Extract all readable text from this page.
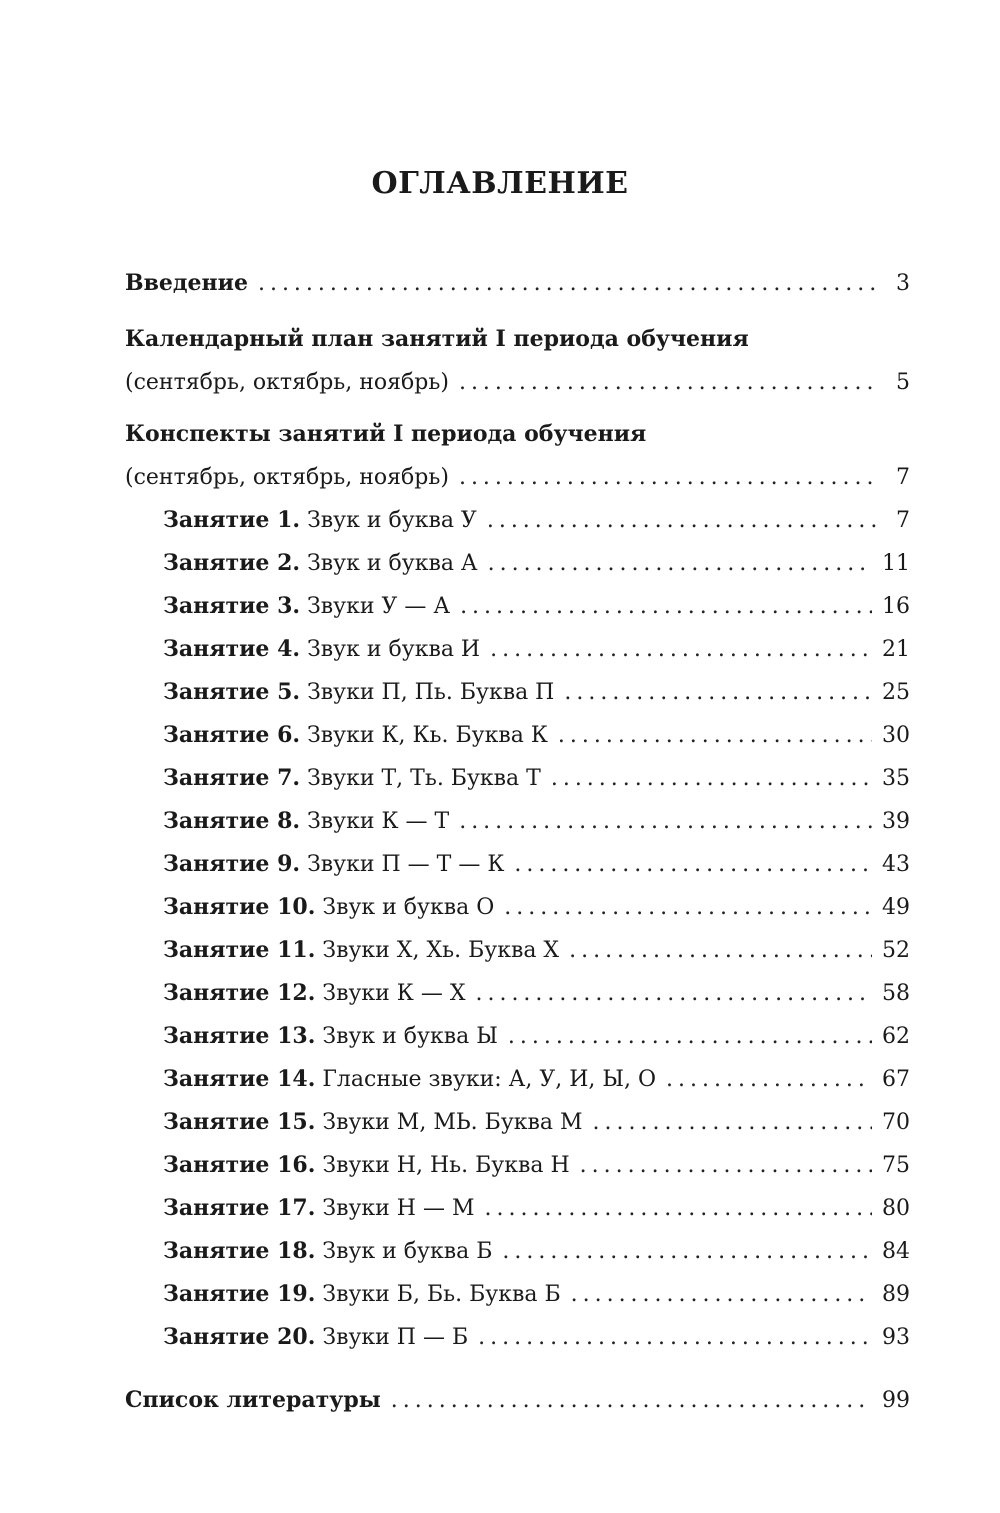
ОГЛАВЛЕНИЕ
Введение . . .	3
Календарный план занятий I периода обучения
(сентябрь, октябрь, ноябрь) . . .	5
Конспекты занятий I периода обучения
(сентябрь, октябрь, ноябрь) . . .	7
Занятие 1. Звук и буква У . . .	7
Занятие 2. Звук и буква А . . .	11
Занятие 3. Звуки У — А . . .	16
Занятие 4. Звук и буква И . . .	21
Занятие 5. Звуки П, Пь. Буква П . . .	25
Занятие 6. Звуки К, Кь. Буква К . . .	30
Занятие 7. Звуки Т, Ть. Буква Т . . .	35
Занятие 8. Звуки К — Т . . .	39
Занятие 9. Звуки П — Т — К . . .	43
Занятие 10. Звук и буква О . . .	49
Занятие 11. Звуки X, Хь. Буква X . . .	52
Занятие 12. Звуки К — Х . . .	58
Занятие 13. Звук и буква Ы . . .	62
Занятие 14. Гласные звуки: А, У, И, Ы, О . . .	67
Занятие 15. Звуки М, МЬ. Буква М . . .	70
Занятие 16. Звуки Н, Нь. Буква Н . . .	75
Занятие 17. Звуки Н — М . . .	80
Занятие 18. Звук и буква Б . . .	84
Занятие 19. Звуки Б, Бь. Буква Б . . .	89
Занятие 20. Звуки П — Б . . .	93
Список литературы . . .	99
